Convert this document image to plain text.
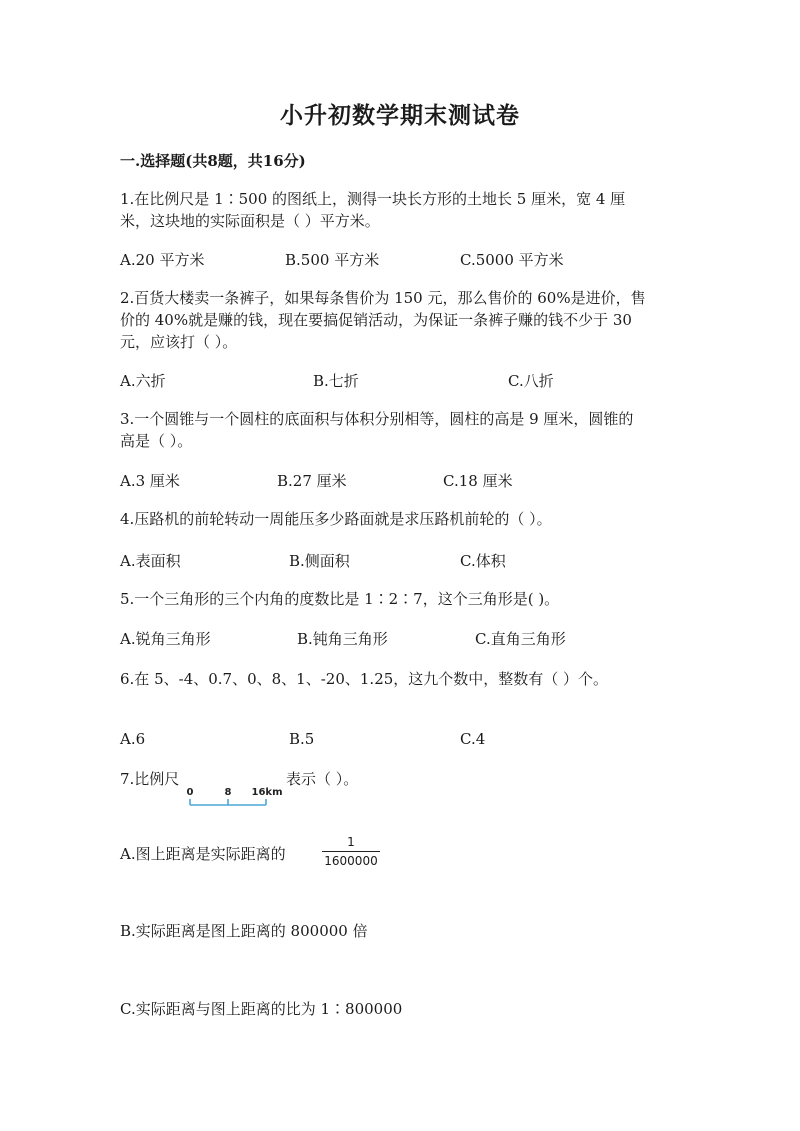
小升初数学期末测试卷
一.选择题(共8题，共16分)
1.在比例尺是 1∶500 的图纸上，测得一块长方形的土地长 5 厘米，宽 4 厘
米，这块地的实际面积是（ ）平方米。
A.20 平方米	B.500 平方米	C.5000 平方米
2.百货大楼卖一条裤子，如果每条售价为 150 元，那么售价的 60%是进价，售
价的 40%就是赚的钱，现在要搞促销活动，为保证一条裤子赚的钱不少于 30
元，应该打（ ）。
A.六折	B.七折	C.八折
3.一个圆锥与一个圆柱的底面积与体积分别相等，圆柱的高是 9 厘米，圆锥的
高是（ ）。
A.3 厘米	B.27 厘米	C.18 厘米
4.压路机的前轮转动一周能压多少路面就是求压路机前轮的（ ）。
A.表面积	B.侧面积	C.体积
5.一个三角形的三个内角的度数比是 1∶2∶7，这个三角形是( )。
A.锐角三角形	B.钝角三角形	C.直角三角形
6.在 5、-4、0.7、0、8、1、-20、1.25，这九个数中，整数有（ ）个。
A.6	B.5	C.4
7.比例尺
0	8 16km
表示（ ）。
A.图上距离是实际距离的
1
1600000
B.实际距离是图上距离的 800000 倍
C.实际距离与图上距离的比为 1∶800000
